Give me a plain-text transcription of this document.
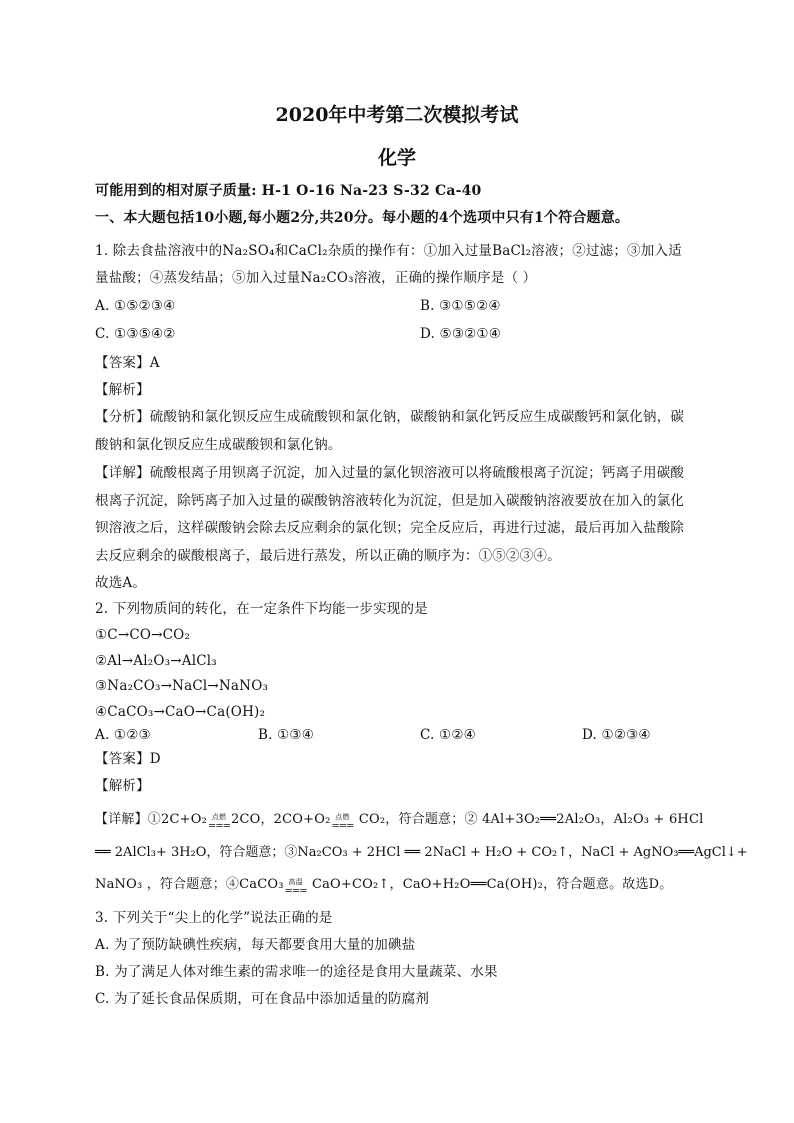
2020年中考第二次模拟考试
化学
可能用到的相对原子质量: H-1 O-16 Na-23 S-32 Ca-40
一、本大题包括10小题,每小题2分,共20分。每小题的4个选项中只有1个符合题意。
1. 除去食盐溶液中的Na₂SO₄和CaCl₂杂质的操作有：①加入过量BaCl₂溶液；②过滤；③加入适
量盐酸；④蒸发结晶；⑤加入过量Na₂CO₃溶液，正确的操作顺序是（ ）
A. ①⑤②③④	B. ③①⑤②④
C. ①③⑤④②	D. ⑤③②①④
【答案】A
【解析】
【分析】硫酸钠和氯化钡反应生成硫酸钡和氯化钠，碳酸钠和氯化钙反应生成碳酸钙和氯化钠，碳
酸钠和氯化钡反应生成碳酸钡和氯化钠。
【详解】硫酸根离子用钡离子沉淀，加入过量的氯化钡溶液可以将硫酸根离子沉淀；钙离子用碳酸
根离子沉淀，除钙离子加入过量的碳酸钠溶液转化为沉淀，但是加入碳酸钠溶液要放在加入的氯化
钡溶液之后，这样碳酸钠会除去反应剩余的氯化钡；完全反应后，再进行过滤，最后再加入盐酸除
去反应剩余的碳酸根离子，最后进行蒸发，所以正确的顺序为：①⑤②③④。
故选A。
2. 下列物质间的转化，在一定条件下均能一步实现的是
①C→CO→CO₂
②Al→Al₂O₃→AlCl₃
③Na₂CO₃→NaCl→NaNO₃
④CaCO₃→CaO→Ca(OH)₂
A. ①②③	B. ①③④	C. ①②④	D. ①②③④
【答案】D
【解析】
【详解】①2C+O₂ 点燃
=== 2CO，2CO+O₂ 点燃
=== CO₂，符合题意；② 4Al+3O₂══2Al₂O₃，Al₂O₃ + 6HCl
══ 2AlCl₃+ 3H₂O，符合题意；③Na₂CO₃ + 2HCl ══ 2NaCl + H₂O + CO₂↑，NaCl + AgNO₃══AgCl↓+
NaNO₃ ，符合题意；④CaCO₃ 高温
=== CaO+CO₂↑，CaO+H₂O══Ca(OH)₂，符合题意。故选D。
3. 下列关于“尖上的化学”说法正确的是
A. 为了预防缺碘性疾病，每天都要食用大量的加碘盐
B. 为了满足人体对维生素的需求唯一的途径是食用大量蔬菜、水果
C. 为了延长食品保质期，可在食品中添加适量的防腐剂
